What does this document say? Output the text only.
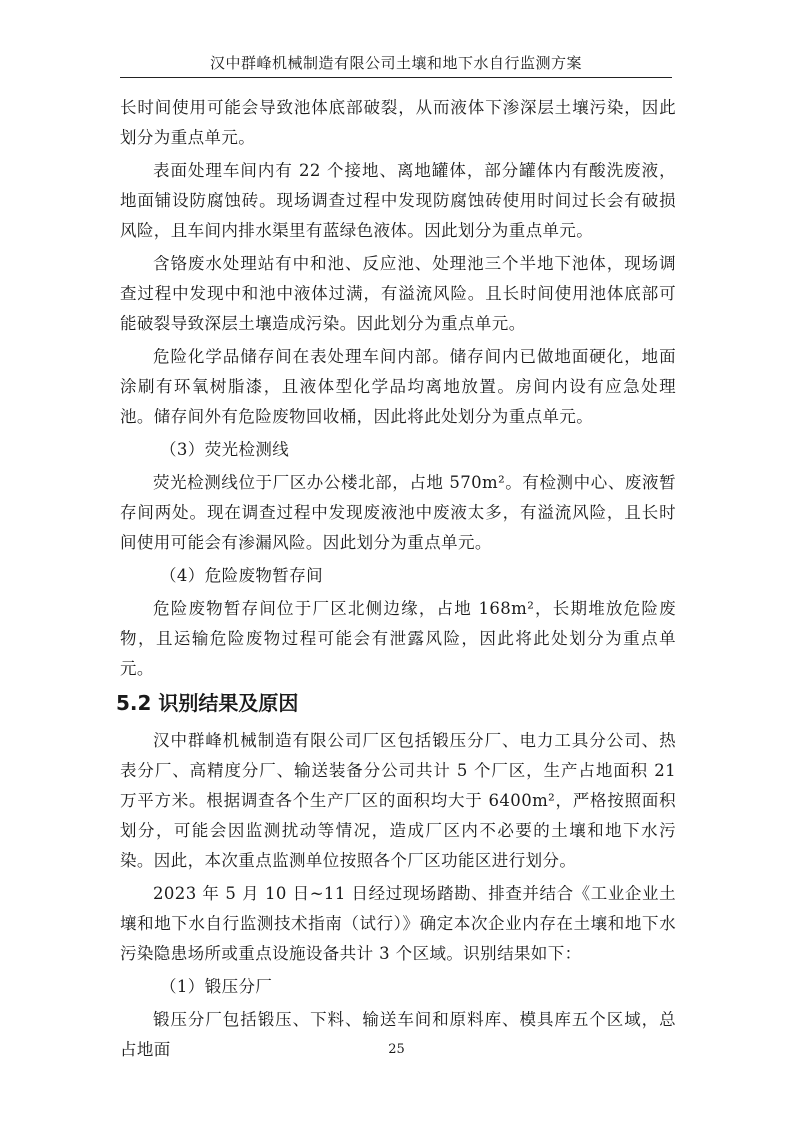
汉中群峰机械制造有限公司土壤和地下水自行监测方案

长时间使用可能会导致池体底部破裂，从而液体下渗深层土壤污染，因此划分为重点单元。

表面处理车间内有 22 个接地、离地罐体，部分罐体内有酸洗废液，地面铺设防腐蚀砖。现场调查过程中发现防腐蚀砖使用时间过长会有破损风险，且车间内排水渠里有蓝绿色液体。因此划分为重点单元。

含铬废水处理站有中和池、反应池、处理池三个半地下池体，现场调查过程中发现中和池中液体过满，有溢流风险。且长时间使用池体底部可能破裂导致深层土壤造成污染。因此划分为重点单元。

危险化学品储存间在表处理车间内部。储存间内已做地面硬化，地面涂刷有环氧树脂漆，且液体型化学品均离地放置。房间内设有应急处理池。储存间外有危险废物回收桶，因此将此处划分为重点单元。

（3）荧光检测线

荧光检测线位于厂区办公楼北部，占地 570m²。有检测中心、废液暂存间两处。现在调查过程中发现废液池中废液太多，有溢流风险，且长时间使用可能会有渗漏风险。因此划分为重点单元。

（4）危险废物暂存间

危险废物暂存间位于厂区北侧边缘，占地 168m²，长期堆放危险废物，且运输危险废物过程可能会有泄露风险，因此将此处划分为重点单元。

5.2 识别结果及原因

汉中群峰机械制造有限公司厂区包括锻压分厂、电力工具分公司、热表分厂、高精度分厂、输送装备分公司共计 5 个厂区，生产占地面积 21 万平方米。根据调查各个生产厂区的面积均大于 6400m²，严格按照面积划分，可能会因监测扰动等情况，造成厂区内不必要的土壤和地下水污染。因此，本次重点监测单位按照各个厂区功能区进行划分。

2023 年 5 月 10 日~11 日经过现场踏勘、排查并结合《工业企业土壤和地下水自行监测技术指南（试行）》确定本次企业内存在土壤和地下水污染隐患场所或重点设施设备共计 3 个区域。识别结果如下：

（1）锻压分厂

锻压分厂包括锻压、下料、输送车间和原料库、模具库五个区域，总占地面	25
